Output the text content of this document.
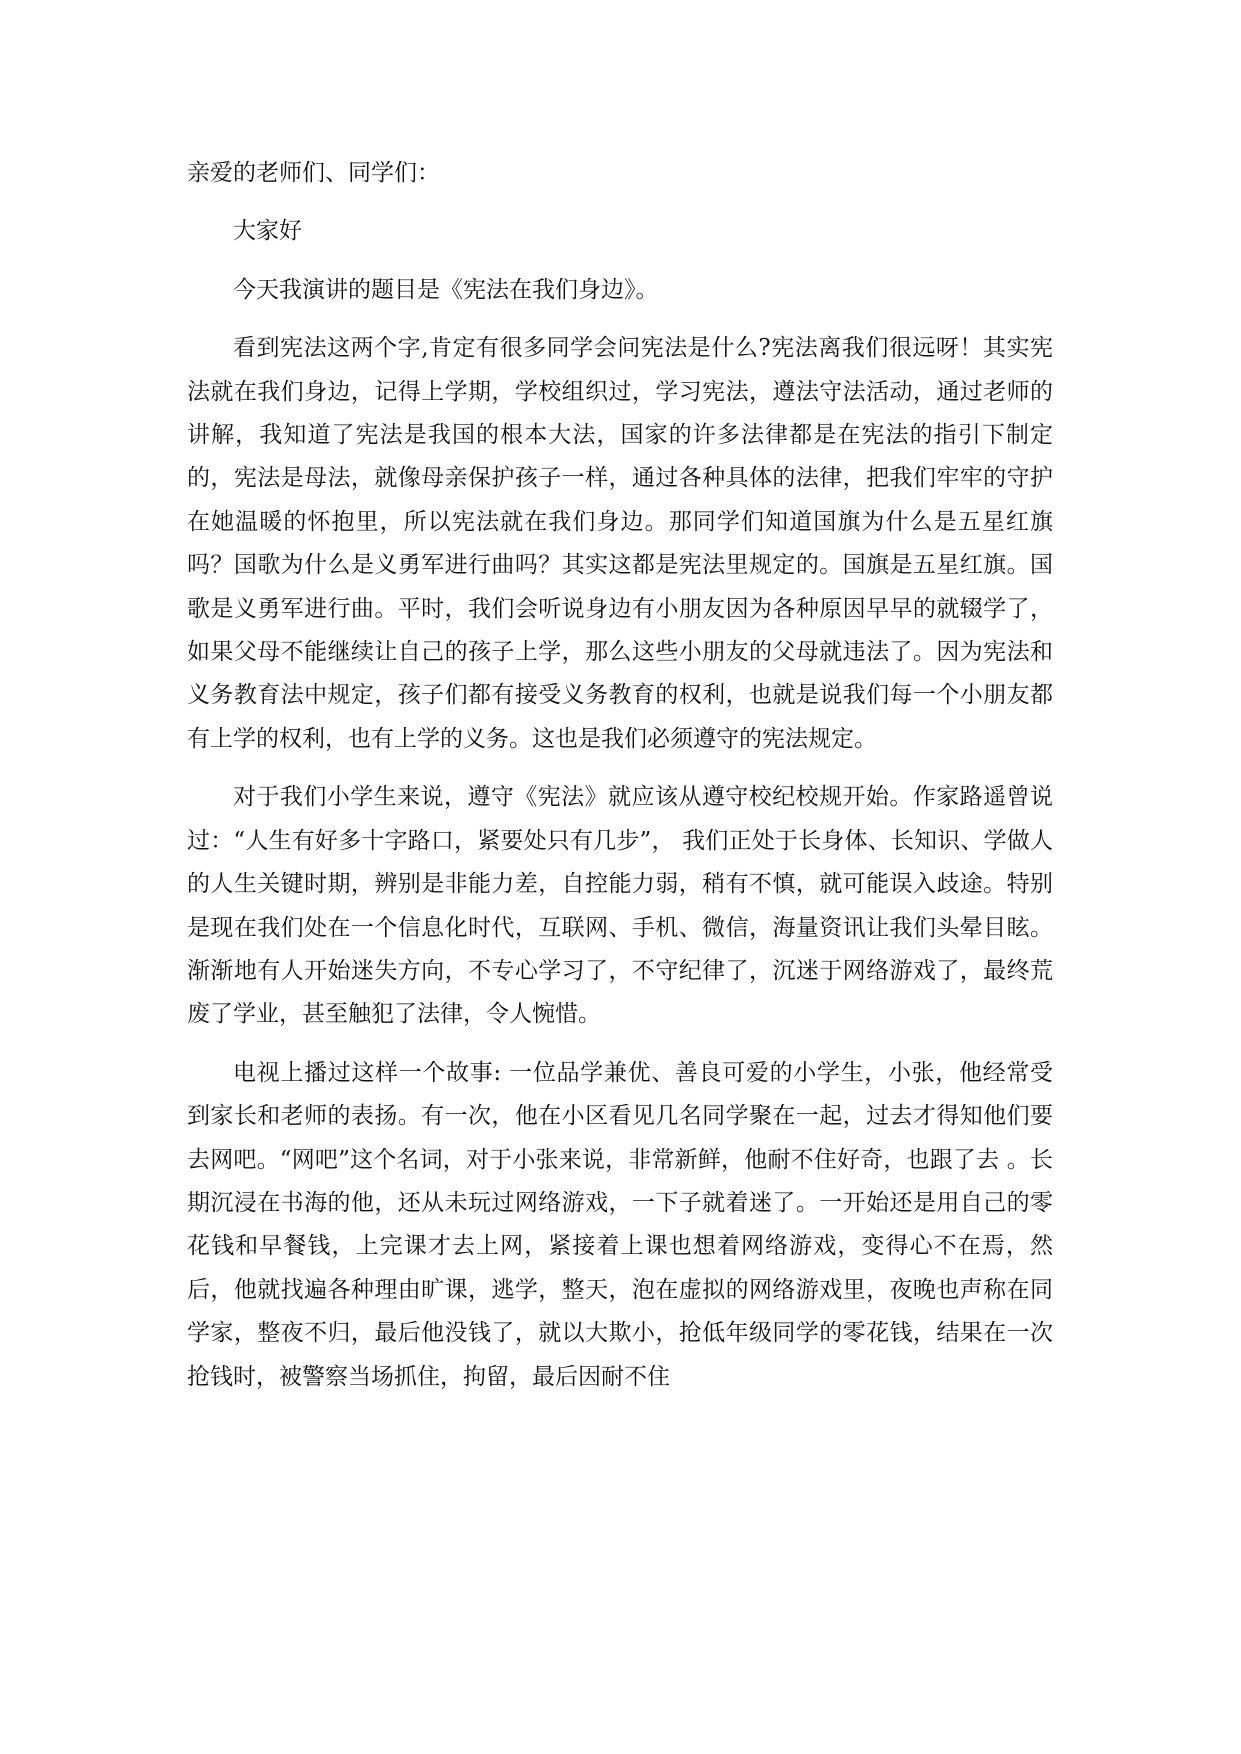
亲爱的老师们、同学们：

大家好

今天我演讲的题目是《宪法在我们身边》。

看到宪法这两个字,肯定有很多同学会问宪法是什么?宪法离我们很远呀！其实宪法就在我们身边，记得上学期，学校组织过，学习宪法，遵法守法活动，通过老师的讲解，我知道了宪法是我国的根本大法，国家的许多法律都是在宪法的指引下制定的，宪法是母法，就像母亲保护孩子一样，通过各种具体的法律，把我们牢牢的守护在她温暖的怀抱里，所以宪法就在我们身边。那同学们知道国旗为什么是五星红旗吗？国歌为什么是义勇军进行曲吗？其实这都是宪法里规定的。国旗是五星红旗。国歌是义勇军进行曲。平时，我们会听说身边有小朋友因为各种原因早早的就辍学了，如果父母不能继续让自己的孩子上学，那么这些小朋友的父母就违法了。因为宪法和义务教育法中规定，孩子们都有接受义务教育的权利，也就是说我们每一个小朋友都有上学的权利，也有上学的义务。这也是我们必须遵守的宪法规定。

对于我们小学生来说，遵守《宪法》就应该从遵守校纪校规开始。作家路遥曾说过：“人生有好多十字路口，紧要处只有几步”， 我们正处于长身体、长知识、学做人的人生关键时期，辨别是非能力差，自控能力弱，稍有不慎，就可能误入歧途。特别是现在我们处在一个信息化时代，互联网、手机、微信，海量资讯让我们头晕目眩。渐渐地有人开始迷失方向，不专心学习了，不守纪律了，沉迷于网络游戏了，最终荒废了学业，甚至触犯了法律，令人惋惜。

电视上播过这样一个故事: 一位品学兼优、善良可爱的小学生，小张，他经常受到家长和老师的表扬。有一次，他在小区看见几名同学聚在一起，过去才得知他们要去网吧。“网吧”这个名词，对于小张来说，非常新鲜，他耐不住好奇，也跟了去 。长期沉浸在书海的他，还从未玩过网络游戏，一下子就着迷了。一开始还是用自己的零花钱和早餐钱，上完课才去上网，紧接着上课也想着网络游戏，变得心不在焉，然后，他就找遍各种理由旷课，逃学，整天，泡在虚拟的网络游戏里，夜晚也声称在同学家，整夜不归，最后他没钱了，就以大欺小，抢低年级同学的零花钱，结果在一次抢钱时，被警察当场抓住，拘留，最后因耐不住
